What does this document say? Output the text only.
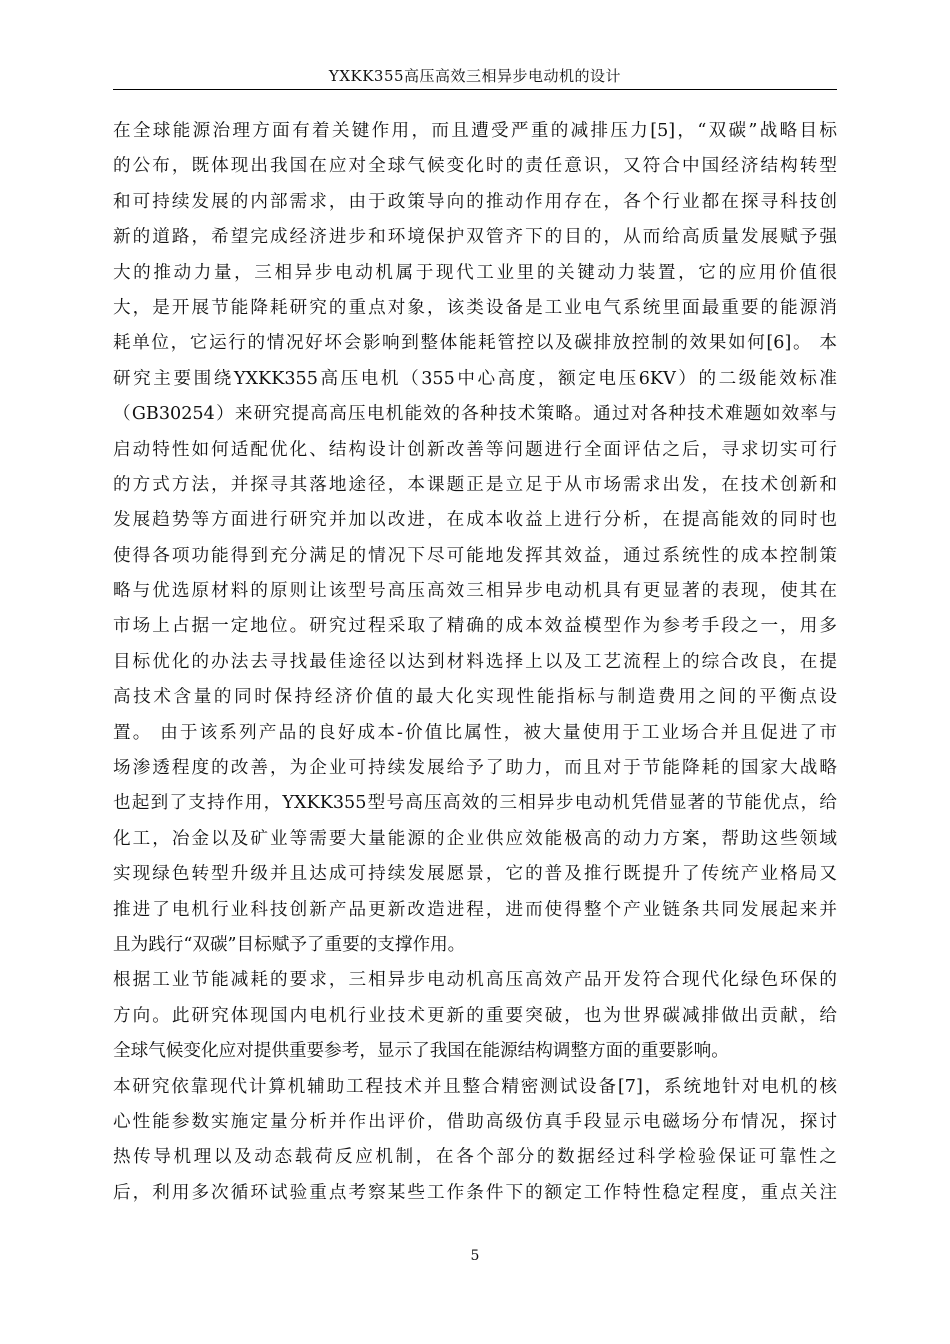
YXKK355高压高效三相异步电动机的设计
在全球能源治理方面有着关键作用，而且遭受严重的减排压力[5]，“双碳”战略目标
的公布，既体现出我国在应对全球气候变化时的责任意识，又符合中国经济结构转型
和可持续发展的内部需求，由于政策导向的推动作用存在，各个行业都在探寻科技创
新的道路，希望完成经济进步和环境保护双管齐下的目的，从而给高质量发展赋予强
大的推动力量，三相异步电动机属于现代工业里的关键动力装置，它的应用价值很
大，是开展节能降耗研究的重点对象，该类设备是工业电气系统里面最重要的能源消
耗单位，它运行的情况好坏会影响到整体能耗管控以及碳排放控制的效果如何[6]。 本
研究主要围绕YXKK355高压电机（355中心高度，额定电压6KV）的二级能效标准
（GB30254）来研究提高高压电机能效的各种技术策略。通过对各种技术难题如效率与
启动特性如何适配优化、结构设计创新改善等问题进行全面评估之后，寻求切实可行
的方式方法，并探寻其落地途径，本课题正是立足于从市场需求出发，在技术创新和
发展趋势等方面进行研究并加以改进，在成本收益上进行分析，在提高能效的同时也
使得各项功能得到充分满足的情况下尽可能地发挥其效益，通过系统性的成本控制策
略与优选原材料的原则让该型号高压高效三相异步电动机具有更显著的表现，使其在
市场上占据一定地位。研究过程采取了精确的成本效益模型作为参考手段之一，用多
目标优化的办法去寻找最佳途径以达到材料选择上以及工艺流程上的综合改良，在提
高技术含量的同时保持经济价值的最大化实现性能指标与制造费用之间的平衡点设
置。 由于该系列产品的良好成本-价值比属性，被大量使用于工业场合并且促进了市
场渗透程度的改善，为企业可持续发展给予了助力，而且对于节能降耗的国家大战略
也起到了支持作用，YXKK355型号高压高效的三相异步电动机凭借显著的节能优点，给
化工，冶金以及矿业等需要大量能源的企业供应效能极高的动力方案，帮助这些领域
实现绿色转型升级并且达成可持续发展愿景，它的普及推行既提升了传统产业格局又
推进了电机行业科技创新产品更新改造进程，进而使得整个产业链条共同发展起来并
且为践行“双碳”目标赋予了重要的支撑作用。
根据工业节能减耗的要求，三相异步电动机高压高效产品开发符合现代化绿色环保的
方向。此研究体现国内电机行业技术更新的重要突破，也为世界碳减排做出贡献，给
全球气候变化应对提供重要参考，显示了我国在能源结构调整方面的重要影响。
本研究依靠现代计算机辅助工程技术并且整合精密测试设备[7]，系统地针对电机的核
心性能参数实施定量分析并作出评价，借助高级仿真手段显示电磁场分布情况，探讨
热传导机理以及动态载荷反应机制，在各个部分的数据经过科学检验保证可靠性之
后，利用多次循环试验重点考察某些工作条件下的额定工作特性稳定程度，重点关注
5
